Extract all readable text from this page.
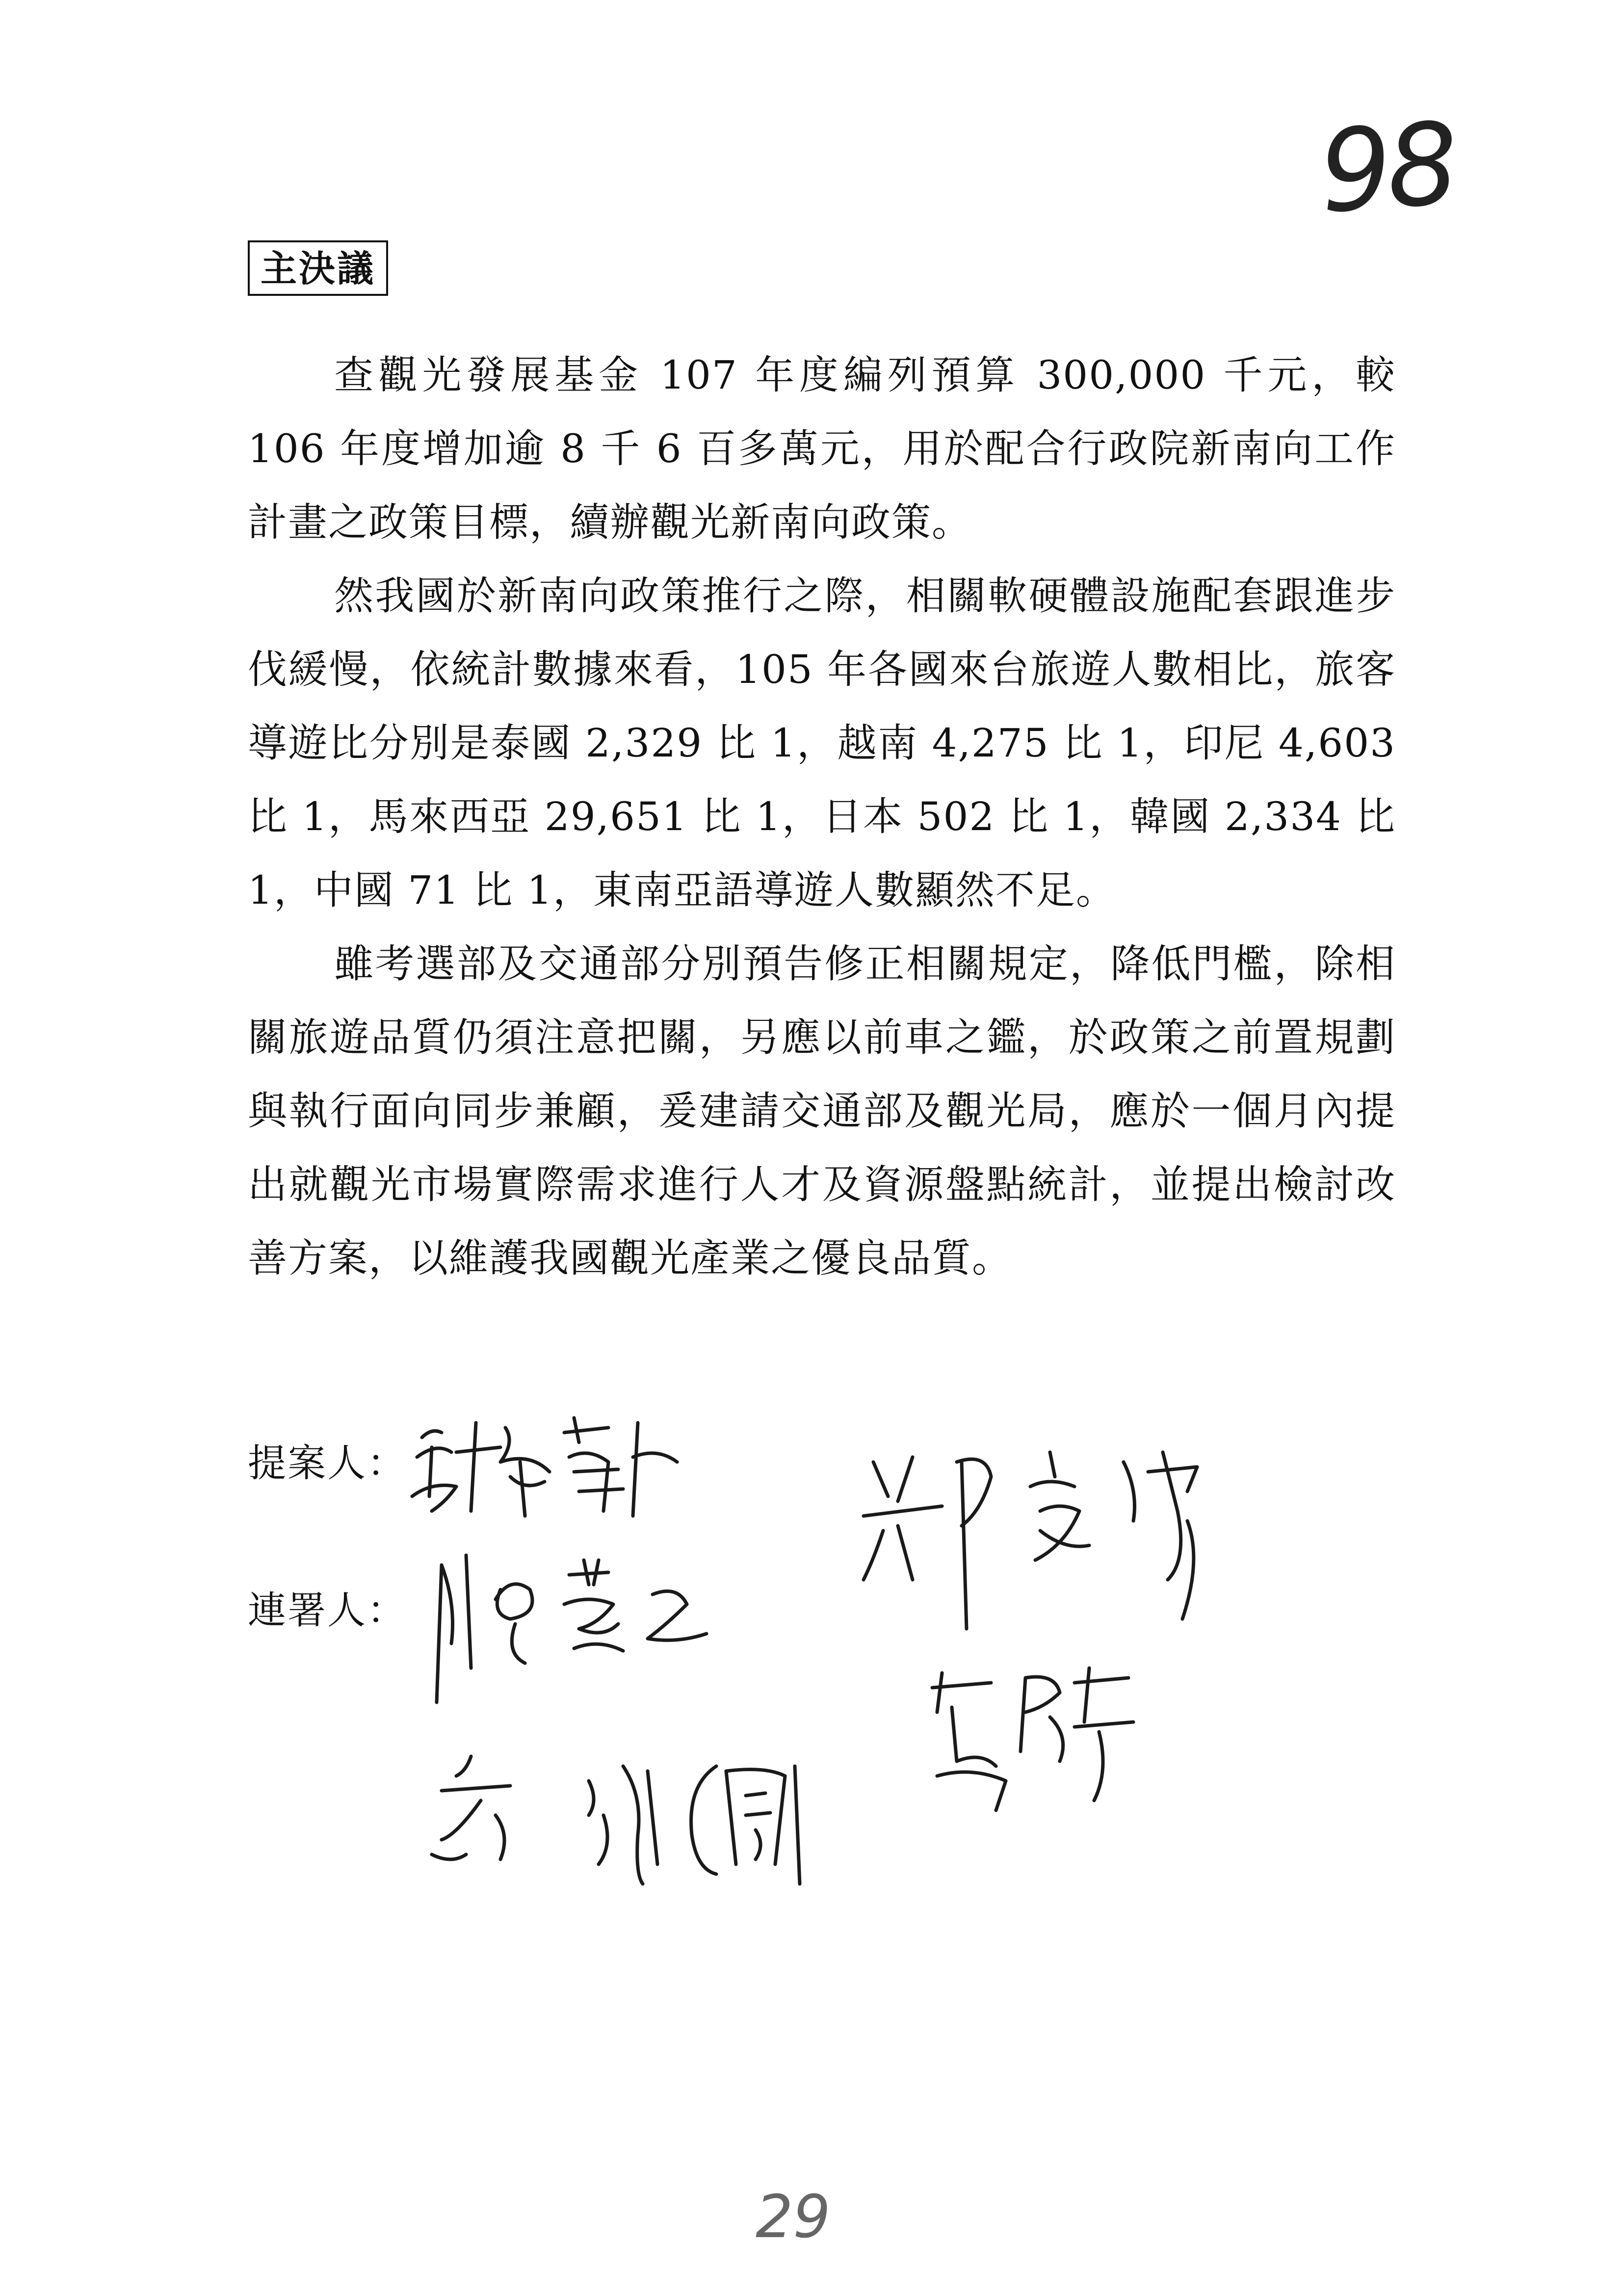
98
主決議

查觀光發展基金 107 年度編列預算 300,000 千元，較 106 年度增加逾 8 千 6 百多萬元，用於配合行政院新南向工作計畫之政策目標，續辦觀光新南向政策。

然我國於新南向政策推行之際，相關軟硬體設施配套跟進步伐緩慢，依統計數據來看，105 年各國來台旅遊人數相比，旅客導遊比分別是泰國 2,329 比 1，越南 4,275 比 1，印尼 4,603 比 1，馬來西亞 29,651 比 1，日本 502 比 1，韓國 2,334 比 1，中國 71 比 1，東南亞語導遊人數顯然不足。

雖考選部及交通部分別預告修正相關規定，降低門檻，除相關旅遊品質仍須注意把關，另應以前車之鑑，於政策之前置規劃與執行面向同步兼顧，爰建請交通部及觀光局，應於一個月內提出就觀光市場實際需求進行人才及資源盤點統計，並提出檢討改善方案，以維護我國觀光產業之優良品質。

提案人：
連署人：
29
